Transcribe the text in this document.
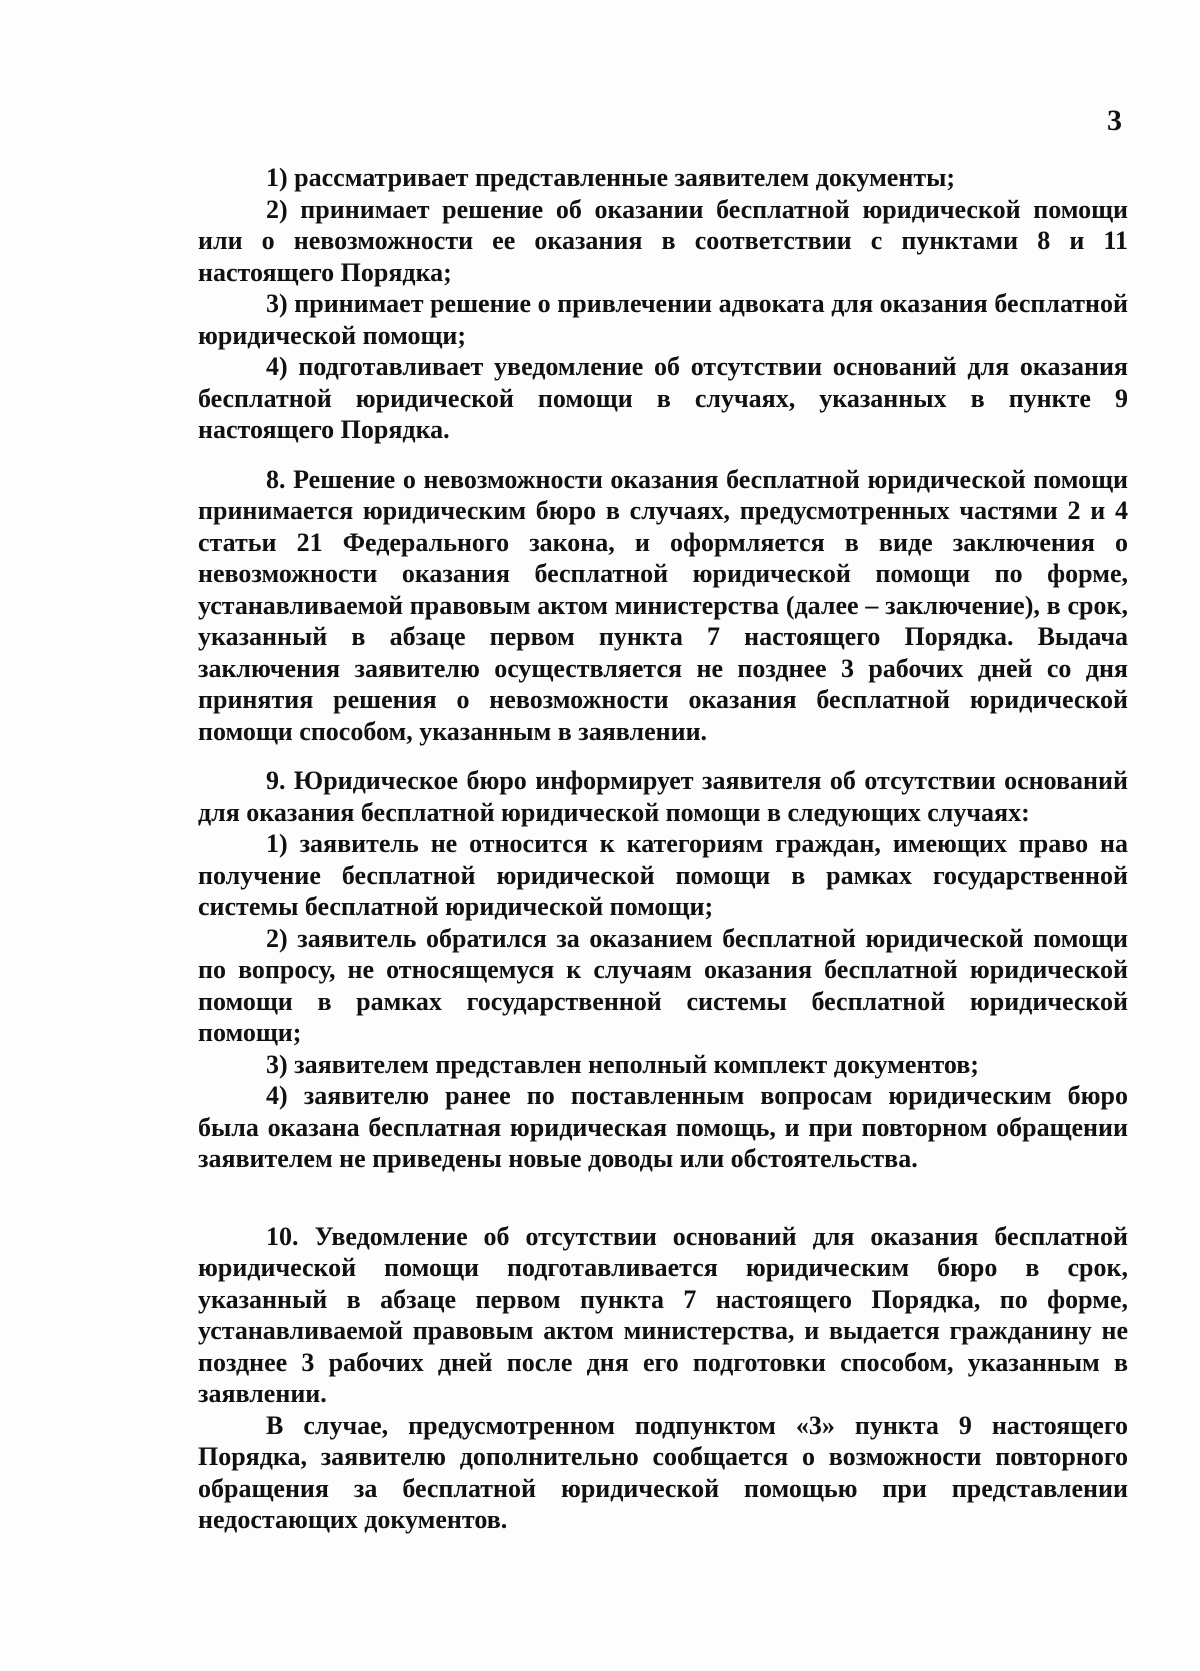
3

1) рассматривает представленные заявителем документы;

2) принимает решение об оказании бесплатной юридической помощи или о невозможности ее оказания в соответствии с пунктами 8 и 11 настоящего Порядка;

3) принимает решение о привлечении адвоката для оказания бесплатной юридической помощи;

4) подготавливает уведомление об отсутствии оснований для оказания бесплатной юридической помощи в случаях, указанных в пункте 9 настоящего Порядка.

8. Решение о невозможности оказания бесплатной юридической помощи принимается юридическим бюро в случаях, предусмотренных частями 2 и 4 статьи 21 Федерального закона, и оформляется в виде заключения о невозможности оказания бесплатной юридической помощи по форме, устанавливаемой правовым актом министерства (далее – заключение), в срок, указанный в абзаце первом пункта 7 настоящего Порядка. Выдача заключения заявителю осуществляется не позднее 3 рабочих дней со дня принятия решения о невозможности оказания бесплатной юридической помощи способом, указанным в заявлении.

9. Юридическое бюро информирует заявителя об отсутствии оснований для оказания бесплатной юридической помощи в следующих случаях:

1) заявитель не относится к категориям граждан, имеющих право на получение бесплатной юридической помощи в рамках государственной системы бесплатной юридической помощи;

2) заявитель обратился за оказанием бесплатной юридической помощи по вопросу, не относящемуся к случаям оказания бесплатной юридической помощи в рамках государственной системы бесплатной юридической помощи;

3) заявителем представлен неполный комплект документов;

4) заявителю ранее по поставленным вопросам юридическим бюро была оказана бесплатная юридическая помощь, и при повторном обращении заявителем не приведены новые доводы или обстоятельства.

10. Уведомление об отсутствии оснований для оказания бесплатной юридической помощи подготавливается юридическим бюро в срок, указанный в абзаце первом пункта 7 настоящего Порядка, по форме, устанавливаемой правовым актом министерства, и выдается гражданину не позднее 3 рабочих дней после дня его подготовки способом, указанным в заявлении.

В случае, предусмотренном подпунктом «3» пункта 9 настоящего Порядка, заявителю дополнительно сообщается о возможности повторного обращения за бесплатной юридической помощью при представлении недостающих документов.
